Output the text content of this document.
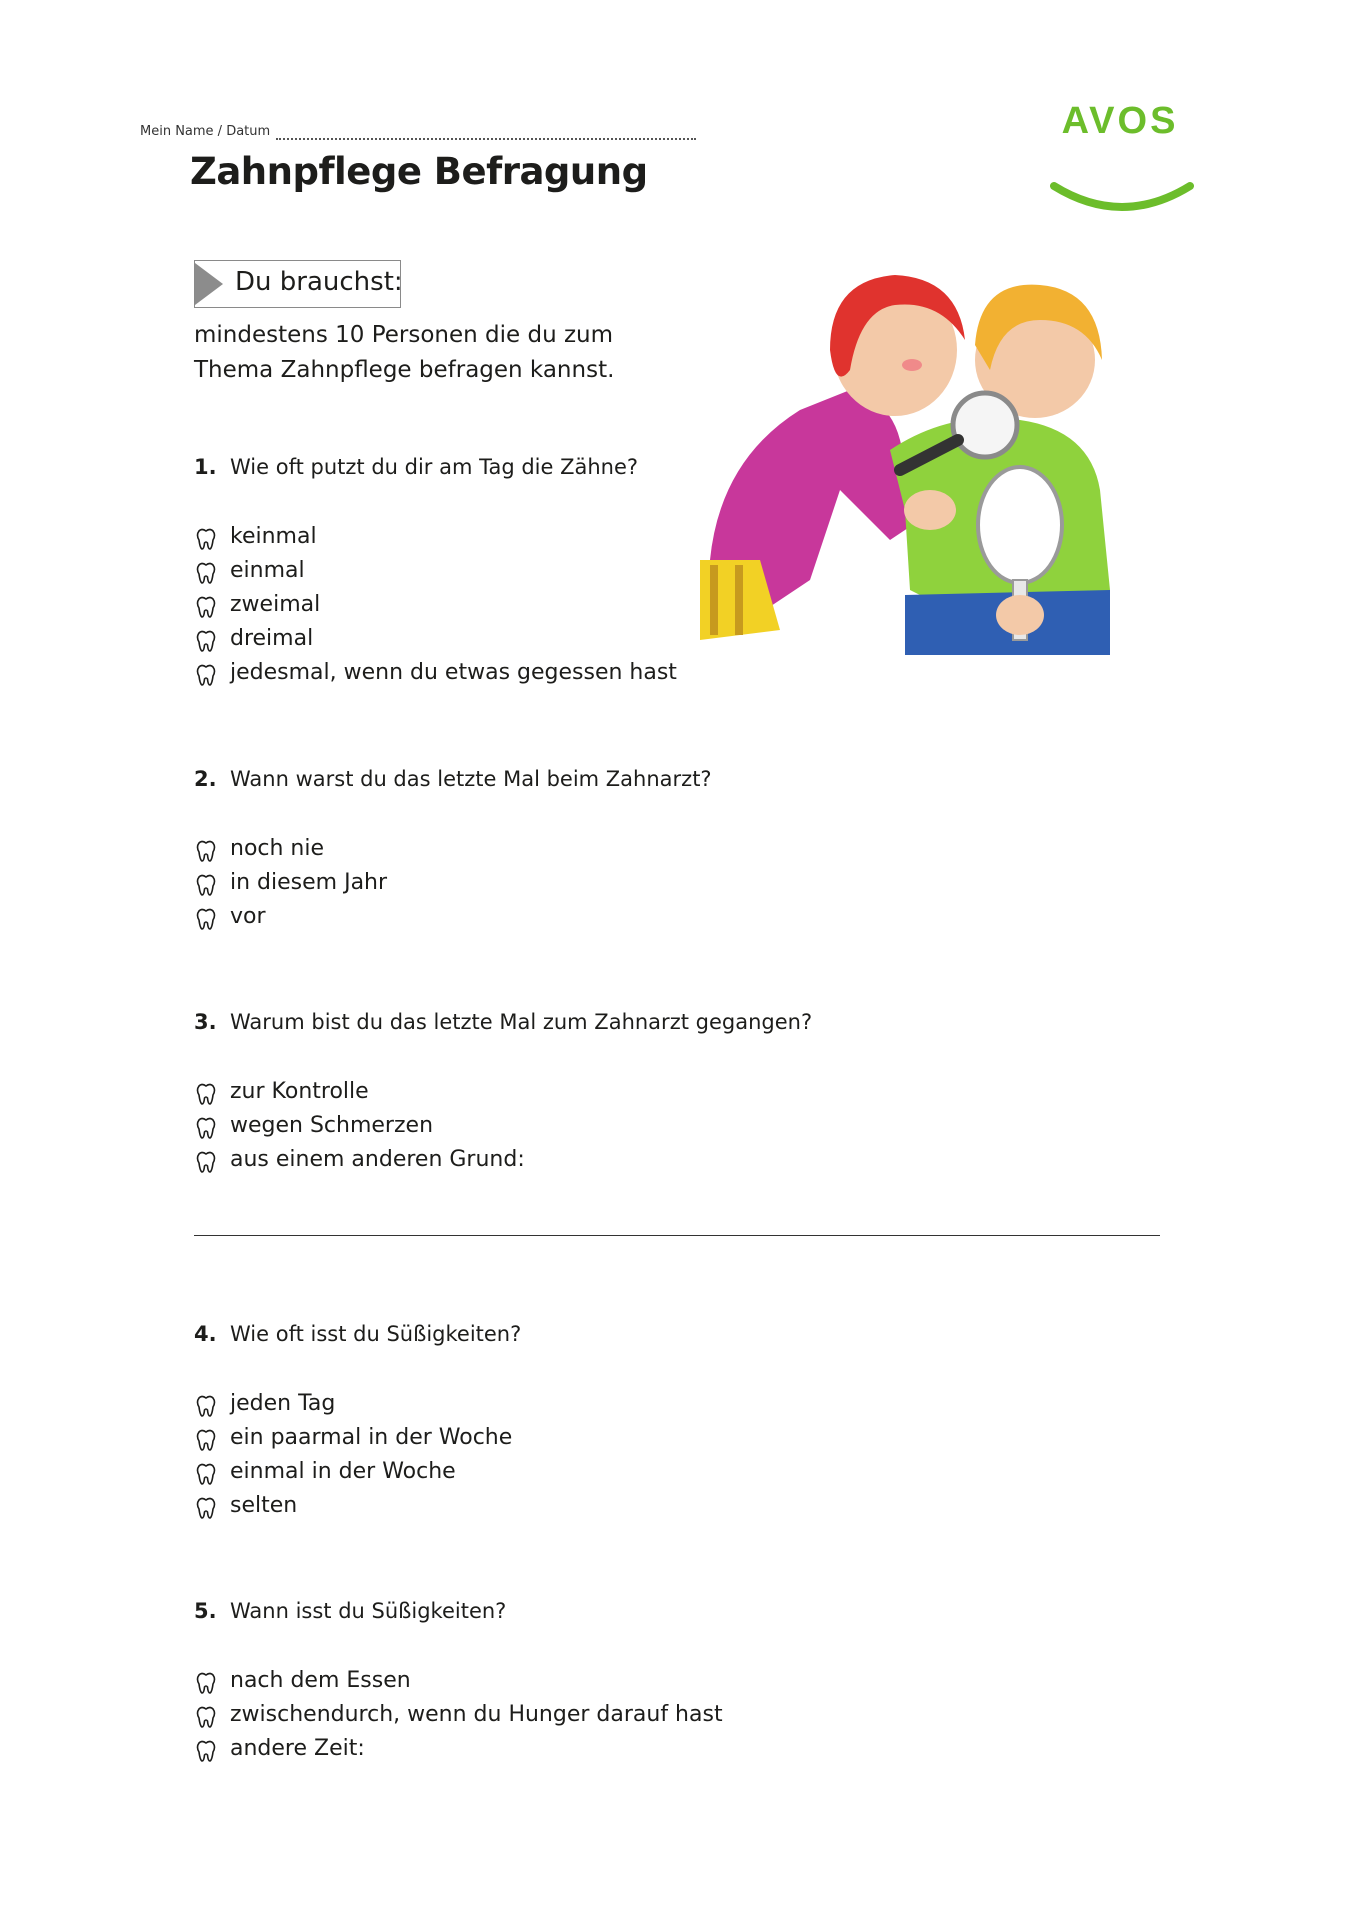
Mein Name / Datum
Zahnpflege Befragung
AVOS
Du brauchst:
mindestens 10 Personen die du zum Thema Zahnpflege befragen kannst.
1. Wie oft putzt du dir am Tag die Zähne?
keinmal
einmal
zweimal
dreimal
jedesmal, wenn du etwas gegessen hast
2. Wann warst du das letzte Mal beim Zahnarzt?
noch nie
in diesem Jahr
vor
3. Warum bist du das letzte Mal zum Zahnarzt gegangen?
zur Kontrolle
wegen Schmerzen
aus einem anderen Grund:
4. Wie oft isst du Süßigkeiten?
jeden Tag
ein paarmal in der Woche
einmal in der Woche
selten
5. Wann isst du Süßigkeiten?
nach dem Essen
zwischendurch, wenn du Hunger darauf hast
andere Zeit:
